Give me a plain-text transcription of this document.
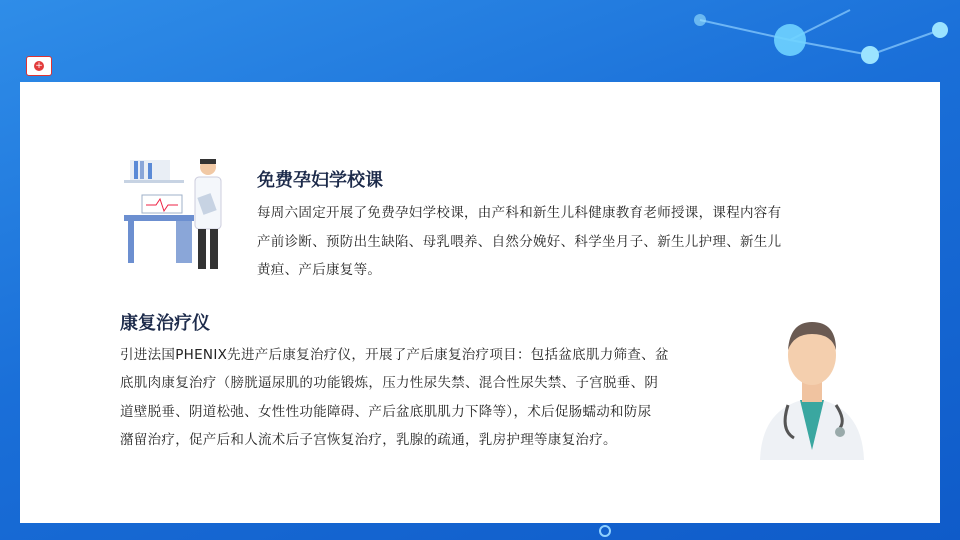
+
免费孕妇学校课
每周六固定开展了免费孕妇学校课，由产科和新生儿科健康教育老师授课，课程内容有
产前诊断、预防出生缺陷、母乳喂养、自然分娩好、科学坐月子、新生儿护理、新生儿
黄疸、产后康复等。
康复治疗仪
引进法国PHENIX先进产后康复治疗仪，开展了产后康复治疗项目：包括盆底肌力筛查、盆
底肌肉康复治疗（膀胱逼尿肌的功能锻炼，压力性尿失禁、混合性尿失禁、子宫脱垂、阴
道壁脱垂、阴道松弛、女性性功能障碍、产后盆底肌肌力下降等），术后促肠蠕动和防尿
潴留治疗，促产后和人流术后子宫恢复治疗，乳腺的疏通，乳房护理等康复治疗。
